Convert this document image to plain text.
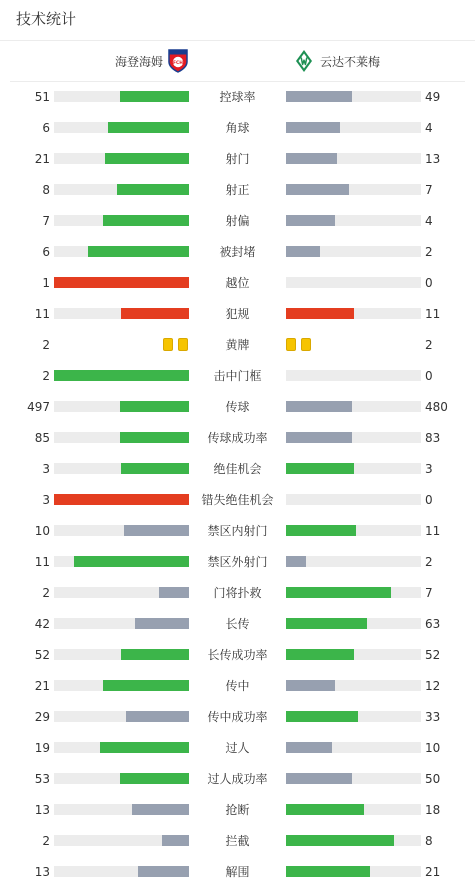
技术统计
海登海姆 FCH	云达不莱梅
51	控球率	49
6	角球	4
21	射门	13
8	射正	7
7	射偏	4
6	被封堵	2
1	越位	0
11	犯规	11
2	黄牌	2
2	击中门框	0
497	传球	480
85	传球成功率	83
3	绝佳机会	3
3	错失绝佳机会	0
10	禁区内射门	11
11	禁区外射门	2
2	门将扑救	7
42	长传	63
52	长传成功率	52
21	传中	12
29	传中成功率	33
19	过人	10
53	过人成功率	50
13	抢断	18
2	拦截	8
13	解围	21
